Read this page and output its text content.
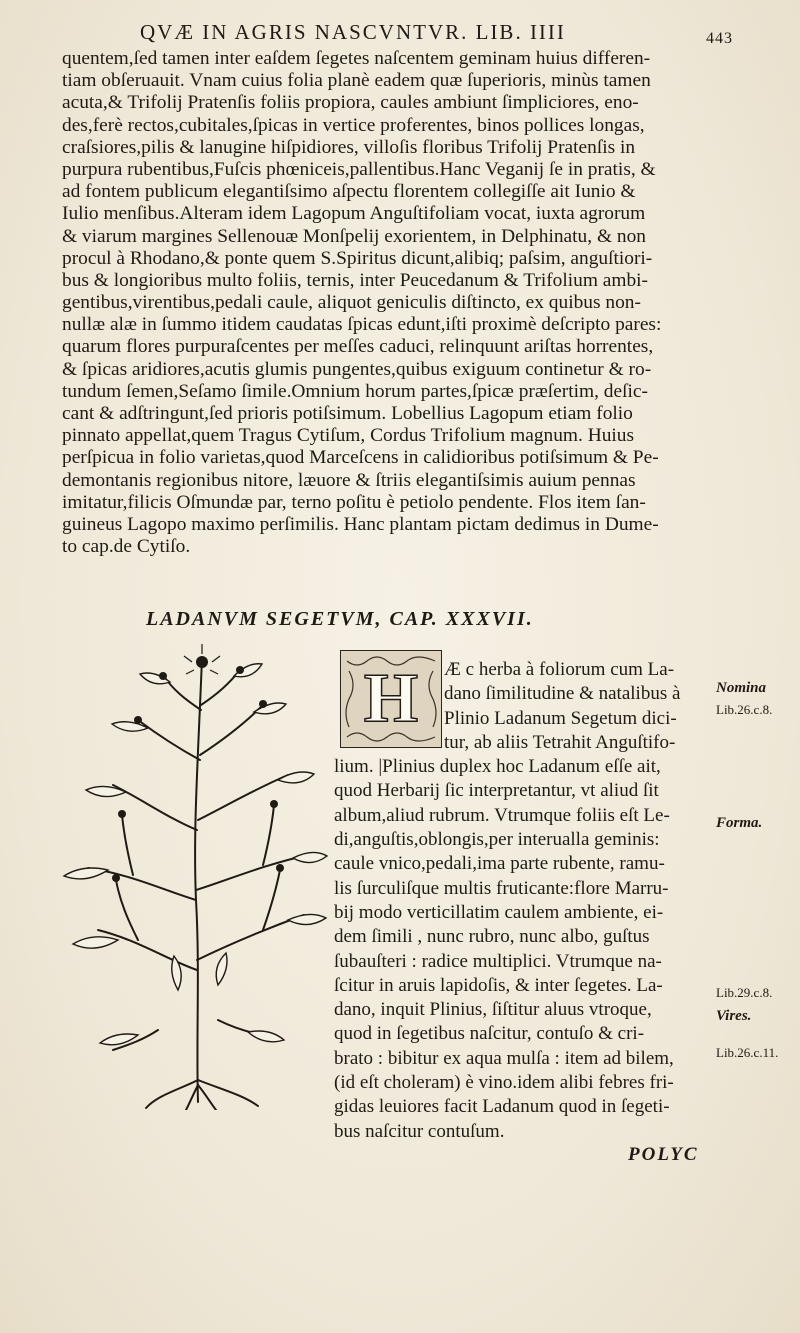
QVÆ IN AGRIS NASCVNTVR. LIB. IIII	443
quentem,ſed tamen inter eaſdem ſegetes naſcentem geminam huius differen-
tiam obſeruauit. Vnam cuius folia planè eadem quæ ſuperioris, minùs tamen
acuta,& Trifolij Pratenſis foliis propiora, caules ambiunt ſimpliciores, eno-
des,ferè rectos,cubitales,ſpicas in vertice proferentes, binos pollices longas,
craſsiores,pilis & lanugine hiſpidiores, villoſis floribus Trifolij Pratenſis in
purpura rubentibus,Fuſcis phœniceis,pallentibus.Hanc Veganij ſe in pratis, &
ad fontem publicum elegantiſsimo aſpectu florentem collegiſſe ait Iunio &
Iulio menſibus.Alteram idem Lagopum Anguſtifoliam vocat, iuxta agrorum
& viarum margines Sellenouæ Monſpelij exorientem, in Delphinatu, & non
procul à Rhodano,& ponte quem S.Spiritus dicunt,alibiq; paſsim, anguſtiori-
bus & longioribus multo foliis, ternis, inter Peucedanum & Trifolium ambi-
gentibus,virentibus,pedali caule, aliquot geniculis diſtincto, ex quibus non-
nullæ alæ in ſummo itidem caudatas ſpicas edunt,iſti proximè deſcripto pares:
quarum flores purpuraſcentes per meſſes caduci, relinquunt ariſtas horrentes,
& ſpicas aridiores,acutis glumis pungentes,quibus exiguum continetur & ro-
tundum ſemen,Seſamo ſimile.Omnium horum partes,ſpicæ præſertim, deſic-
cant & adſtringunt,ſed prioris potiſsimum. Lobellius Lagopum etiam folio
pinnato appellat,quem Tragus Cytiſum, Cordus Trifolium magnum. Huius
perſpicua in folio varietas,quod Marceſcens in calidioribus potiſsimum & Pe-
demontanis regionibus nitore, læuore & ſtriis elegantiſsimis auium pennas
imitatur,filicis Oſmundæ par, terno poſitu è petiolo pendente. Flos item ſan-
guineus Lagopo maximo perſimilis. Hanc plantam pictam dedimus in Dume-
to cap.de Cytiſo.
LADANVM SEGETVM, CAP. XXXVII.
H	Æ c herba à foliorum cum La-
dano ſimilitudine & natalibus à
Plinio Ladanum Segetum dici-
tur, ab aliis Tetrahit Anguſtifo-
lium. |Plinius duplex hoc Ladanum eſſe ait,
quod Herbarij ſic interpretantur, vt aliud ſit
album,aliud rubrum. Vtrumque foliis eſt Le-
di,anguſtis,oblongis,per interualla geminis:
caule vnico,pedali,ima parte rubente, ramu-
lis ſurculiſque multis fruticante:flore Marru-
bij modo verticillatim caulem ambiente, ei-
dem ſimili , nunc rubro, nunc albo, guſtus
ſubauſteri : radice multiplici. Vtrumque na-
ſcitur in aruis lapidoſis, & inter ſegetes. La-
dano, inquit Plinius, ſiſtitur aluus vtroque,
quod in ſegetibus naſcitur, contuſo & cri-
brato : bibitur ex aqua mulſa : item ad bilem,
(id eſt choleram) è vino.idem alibi febres fri-
gidas leuiores facit Ladanum quod in ſegeti-
bus naſcitur contuſum.
Nomina
Lib.26.c.8.
Forma.
Lib.29.c.8.
Vires.
Lib.26.c.11.
POLYC
